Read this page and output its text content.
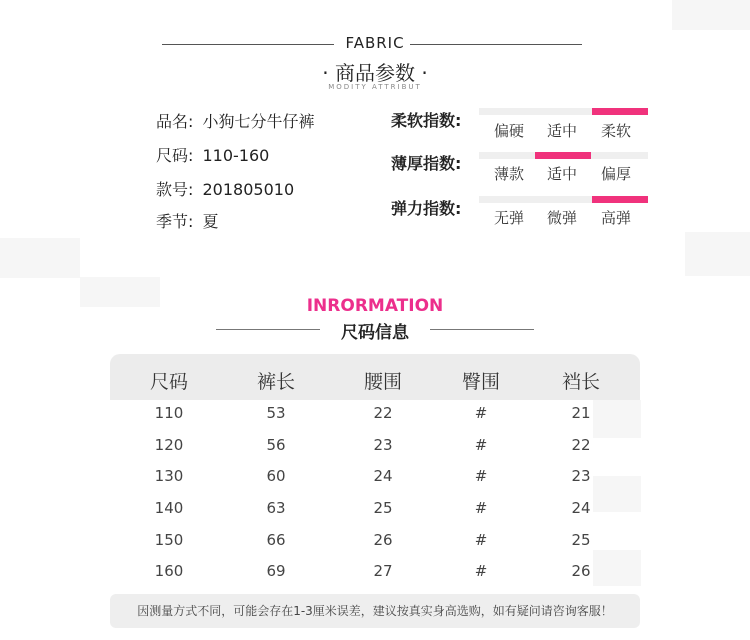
FABRIC
· 商品参数 ·
MODITY ATTRIBUT
品名: 小狗七分牛仔裤
尺码: 110-160
款号: 201805010
季节: 夏
柔软指数:
偏硬	适中	柔软
薄厚指数:
薄款	适中	偏厚
弹力指数:	无弹	微弹	高弹
INRORMATION
尺码信息
尺码	裤长	腰围	臀围	裆长
110	53	22	#	21
120	56	23	#	22
130	60	24	#	23
140	63	25	#	24
150	66	26	#	25
160	69	27	#	26
因测量方式不同，可能会存在1-3厘米误差，建议按真实身高选购，如有疑问请咨询客服！
